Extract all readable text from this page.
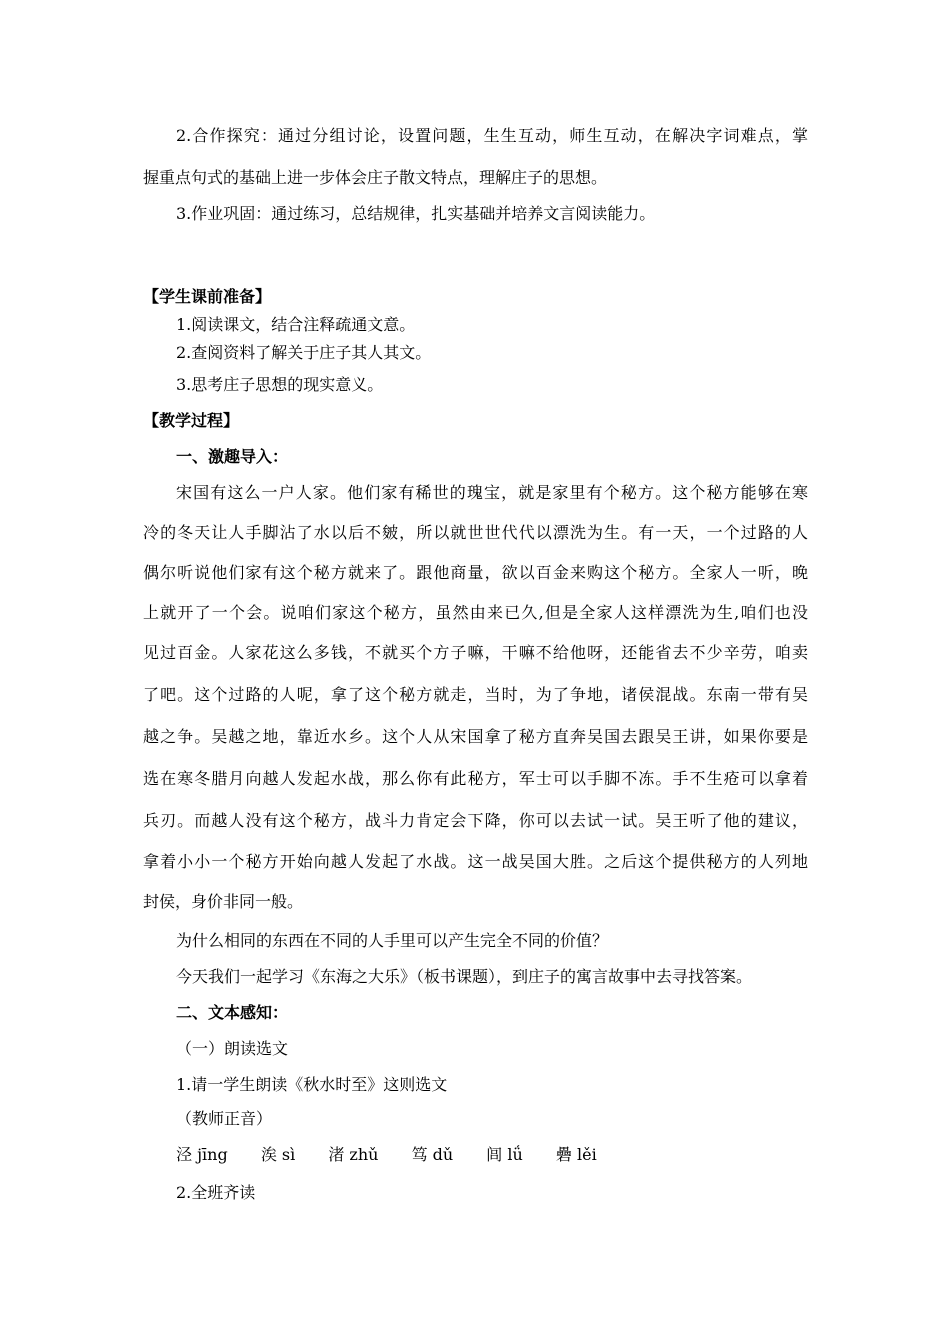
2.合作探究：通过分组讨论，设置问题，生生互动，师生互动，在解决字词难点，掌
握重点句式的基础上进一步体会庄子散文特点，理解庄子的思想。
3.作业巩固：通过练习，总结规律，扎实基础并培养文言阅读能力。
【学生课前准备】
1.阅读课文，结合注释疏通文意。
2.查阅资料了解关于庄子其人其文。
3.思考庄子思想的现实意义。
【教学过程】
一、激趣导入：
宋国有这么一户人家。他们家有稀世的瑰宝，就是家里有个秘方。这个秘方能够在寒
冷的冬天让人手脚沾了水以后不皴，所以就世世代代以漂洗为生。有一天，一个过路的人
偶尔听说他们家有这个秘方就来了。跟他商量，欲以百金来购这个秘方。全家人一听，晚
上就开了一个会。说咱们家这个秘方，虽然由来已久,但是全家人这样漂洗为生,咱们也没
见过百金。人家花这么多钱，不就买个方子嘛，干嘛不给他呀，还能省去不少辛劳，咱卖
了吧。这个过路的人呢，拿了这个秘方就走，当时，为了争地，诸侯混战。东南一带有吴
越之争。吴越之地，靠近水乡。这个人从宋国拿了秘方直奔吴国去跟吴王讲，如果你要是
选在寒冬腊月向越人发起水战，那么你有此秘方，军士可以手脚不冻。手不生疮可以拿着
兵刃。而越人没有这个秘方，战斗力肯定会下降，你可以去试一试。吴王听了他的建议，
拿着小小一个秘方开始向越人发起了水战。这一战吴国大胜。之后这个提供秘方的人列地
封侯，身价非同一般。
为什么相同的东西在不同的人手里可以产生完全不同的价值？
今天我们一起学习《东海之大乐》（板书课题），到庄子的寓言故事中去寻找答案。
二、文本感知：
（一）朗读选文
1.请一学生朗读《秋水时至》这则选文
（教师正音）
泾 jīng 涘 sì 渚 zhǔ 笃 dǔ 闾 lǘ 礨 lěi
2.全班齐读
